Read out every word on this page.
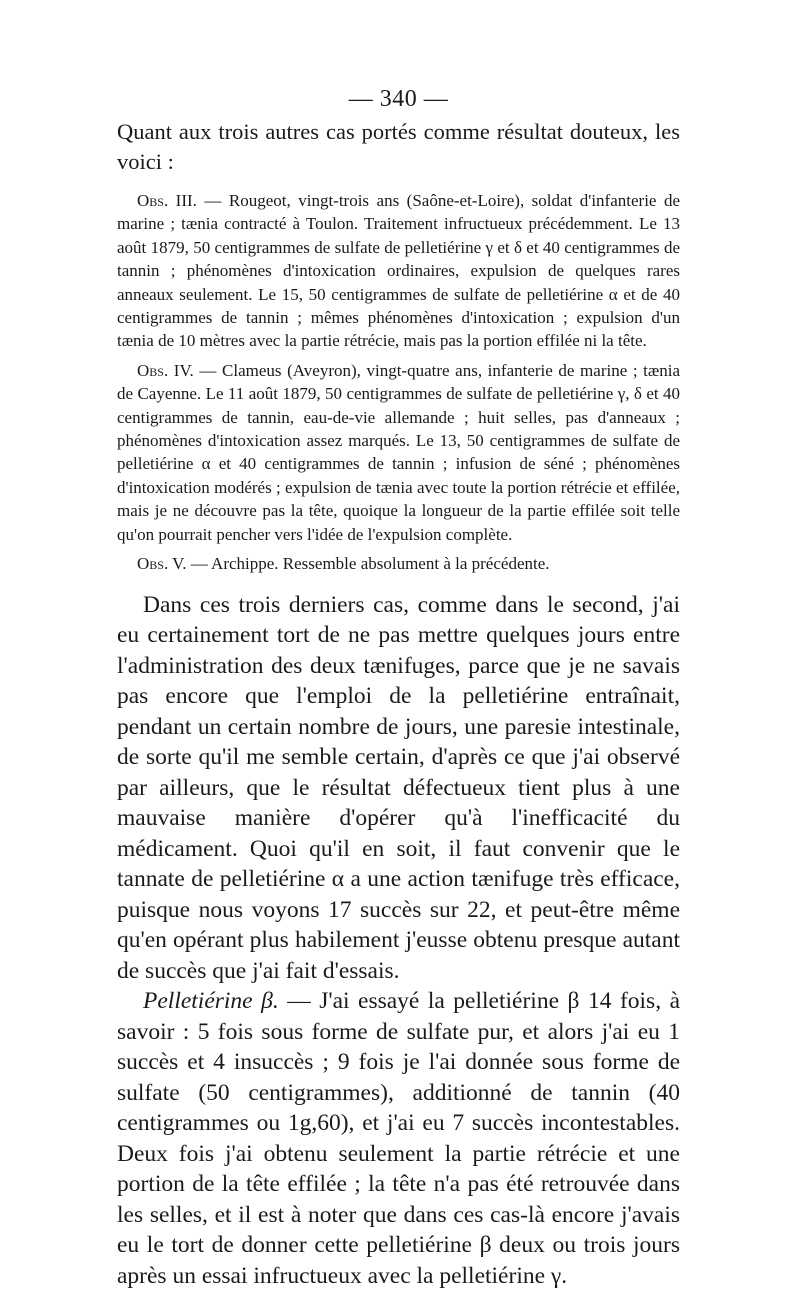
— 340 —

Quant aux trois autres cas portés comme résultat douteux, les voici :

Obs. III. — Rougeot, vingt-trois ans (Saône-et-Loire), soldat d'infanterie de marine ; tænia contracté à Toulon. Traitement infructueux précédemment. Le 13 août 1879, 50 centigrammes de sulfate de pelletiérine γ et δ et 40 centigrammes de tannin ; phénomènes d'intoxication ordinaires, expulsion de quelques rares anneaux seulement. Le 15, 50 centigrammes de sulfate de pelletiérine α et de 40 centigrammes de tannin ; mêmes phénomènes d'intoxication ; expulsion d'un tænia de 10 mètres avec la partie rétrécie, mais pas la portion effilée ni la tête.

Obs. IV. — Clameus (Aveyron), vingt-quatre ans, infanterie de marine ; tænia de Cayenne. Le 11 août 1879, 50 centigrammes de sulfate de pelletiérine γ, δ et 40 centigrammes de tannin, eau-de-vie allemande ; huit selles, pas d'anneaux ; phénomènes d'intoxication assez marqués. Le 13, 50 centigrammes de sulfate de pelletiérine α et 40 centigrammes de tannin ; infusion de séné ; phénomènes d'intoxication modérés ; expulsion de tænia avec toute la portion rétrécie et effilée, mais je ne découvre pas la tête, quoique la longueur de la partie effilée soit telle qu'on pourrait pencher vers l'idée de l'expulsion complète.

Obs. V. — Archippe. Ressemble absolument à la précédente.

Dans ces trois derniers cas, comme dans le second, j'ai eu certainement tort de ne pas mettre quelques jours entre l'administration des deux tænifuges, parce que je ne savais pas encore que l'emploi de la pelletiérine entraînait, pendant un certain nombre de jours, une paresie intestinale, de sorte qu'il me semble certain, d'après ce que j'ai observé par ailleurs, que le résultat défectueux tient plus à une mauvaise manière d'opérer qu'à l'inefficacité du médicament. Quoi qu'il en soit, il faut convenir que le tannate de pelletiérine α a une action tænifuge très efficace, puisque nous voyons 17 succès sur 22, et peut-être même qu'en opérant plus habilement j'eusse obtenu presque autant de succès que j'ai fait d'essais.

Pelletiérine β. — J'ai essayé la pelletiérine β 14 fois, à savoir : 5 fois sous forme de sulfate pur, et alors j'ai eu 1 succès et 4 insuccès ; 9 fois je l'ai donnée sous forme de sulfate (50 centigrammes), additionné de tannin (40 centigrammes ou 1g,60), et j'ai eu 7 succès incontestables. Deux fois j'ai obtenu seulement la partie rétrécie et une portion de la tête effilée ; la tête n'a pas été retrouvée dans les selles, et il est à noter que dans ces cas-là encore j'avais eu le tort de donner cette pelletiérine β deux ou trois jours après un essai infructueux avec la pelletiérine γ.
